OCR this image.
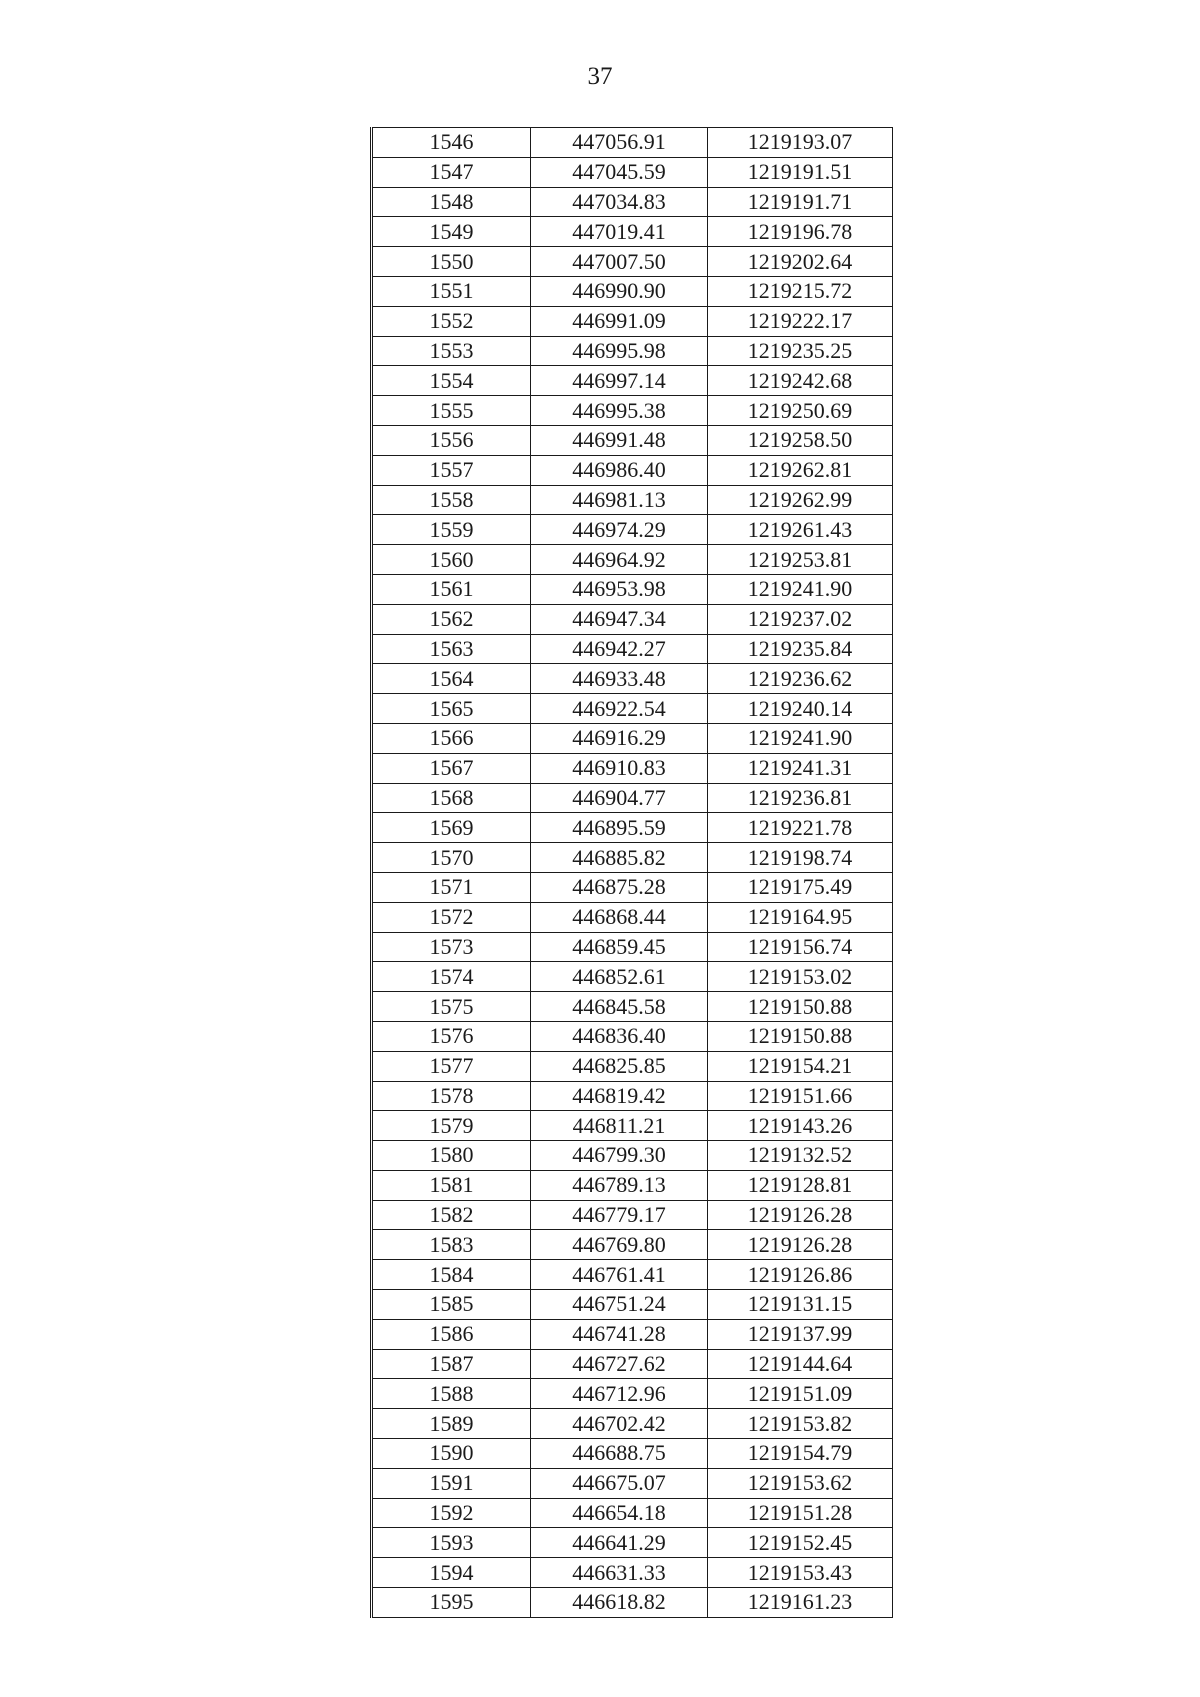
37
1546	447056.91	1219193.07
1547	447045.59	1219191.51
1548	447034.83	1219191.71
1549	447019.41	1219196.78
1550	447007.50	1219202.64
1551	446990.90	1219215.72
1552	446991.09	1219222.17
1553	446995.98	1219235.25
1554	446997.14	1219242.68
1555	446995.38	1219250.69
1556	446991.48	1219258.50
1557	446986.40	1219262.81
1558	446981.13	1219262.99
1559	446974.29	1219261.43
1560	446964.92	1219253.81
1561	446953.98	1219241.90
1562	446947.34	1219237.02
1563	446942.27	1219235.84
1564	446933.48	1219236.62
1565	446922.54	1219240.14
1566	446916.29	1219241.90
1567	446910.83	1219241.31
1568	446904.77	1219236.81
1569	446895.59	1219221.78
1570	446885.82	1219198.74
1571	446875.28	1219175.49
1572	446868.44	1219164.95
1573	446859.45	1219156.74
1574	446852.61	1219153.02
1575	446845.58	1219150.88
1576	446836.40	1219150.88
1577	446825.85	1219154.21
1578	446819.42	1219151.66
1579	446811.21	1219143.26
1580	446799.30	1219132.52
1581	446789.13	1219128.81
1582	446779.17	1219126.28
1583	446769.80	1219126.28
1584	446761.41	1219126.86
1585	446751.24	1219131.15
1586	446741.28	1219137.99
1587	446727.62	1219144.64
1588	446712.96	1219151.09
1589	446702.42	1219153.82
1590	446688.75	1219154.79
1591	446675.07	1219153.62
1592	446654.18	1219151.28
1593	446641.29	1219152.45
1594	446631.33	1219153.43
1595	446618.82	1219161.23
